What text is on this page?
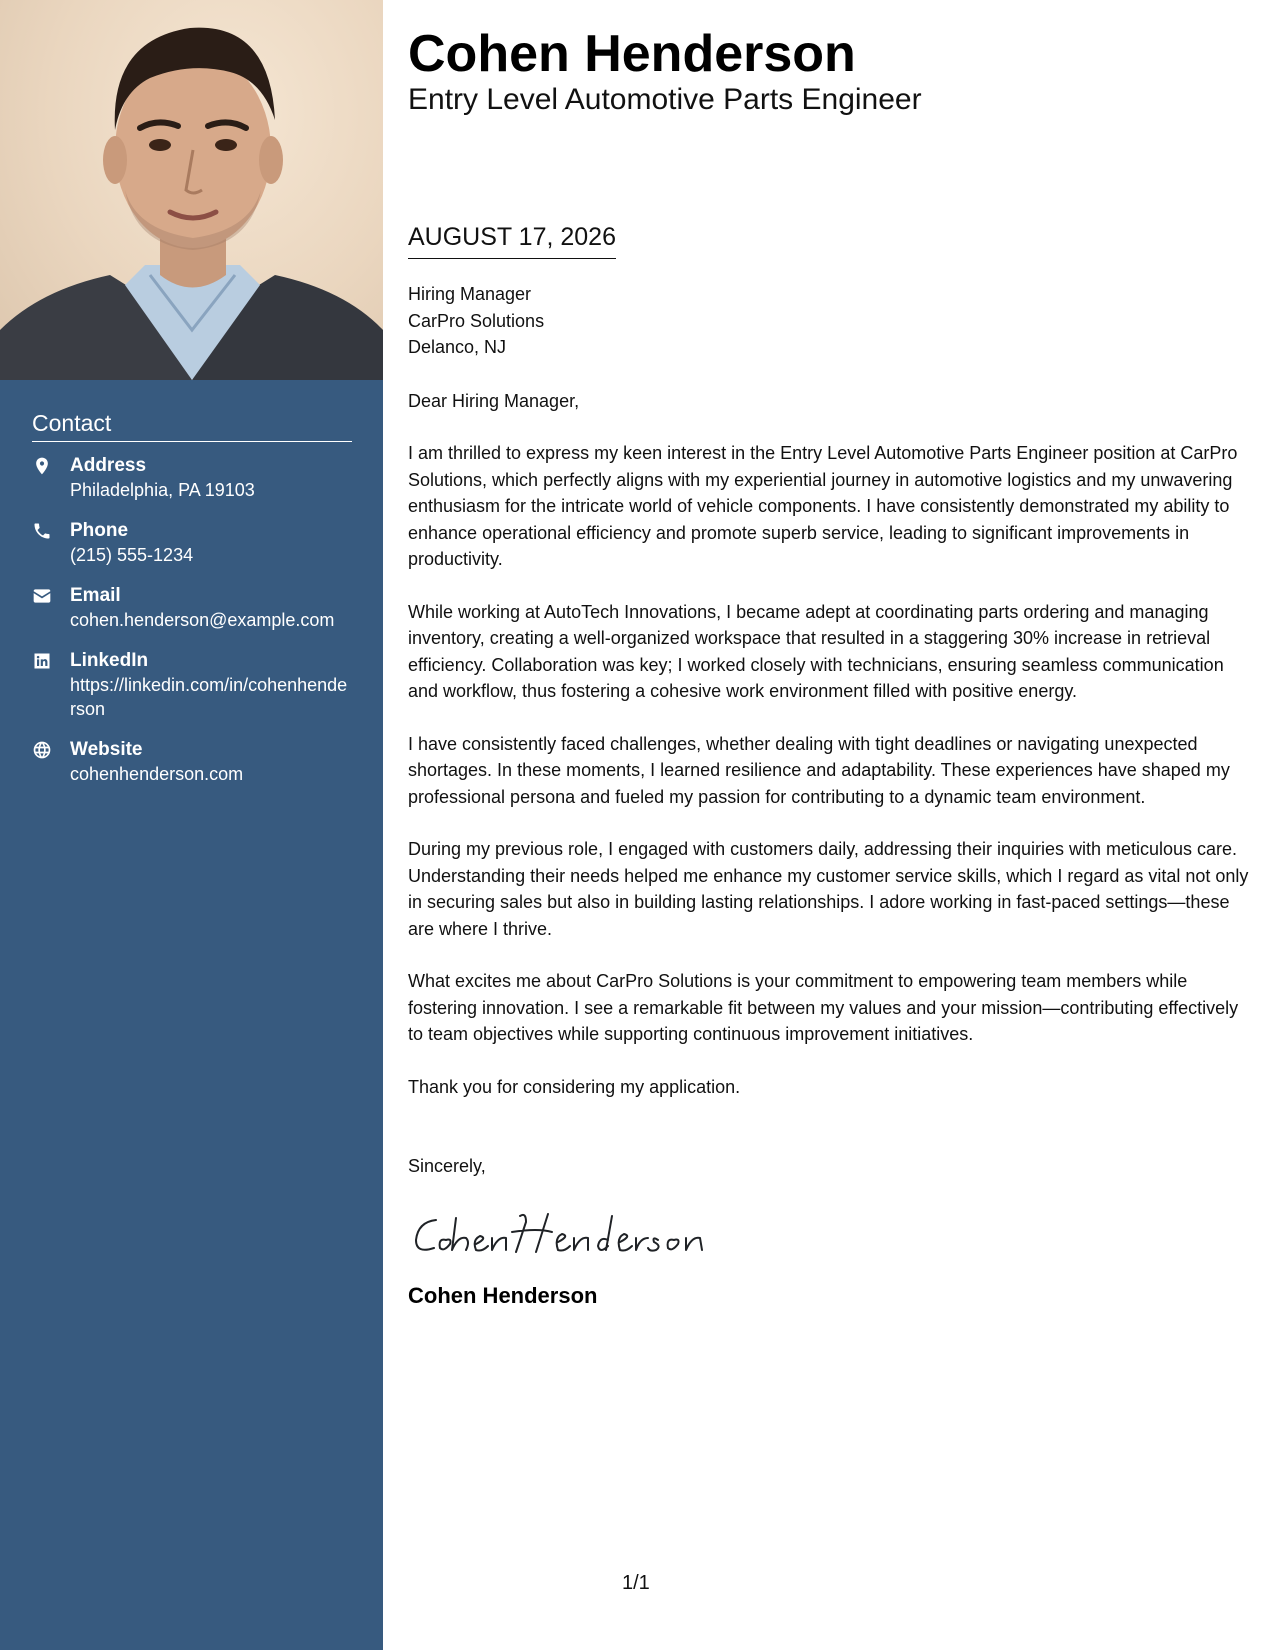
Contact
Address
Philadelphia, PA 19103
Phone
(215) 555-1234
Email
cohen.henderson@example.com
LinkedIn
https://linkedin.com/in/cohenhenderson
Website
cohenhenderson.com
Cohen Henderson
Entry Level Automotive Parts Engineer
AUGUST 17, 2026
Hiring Manager
CarPro Solutions
Delanco, NJ
Dear Hiring Manager,
I am thrilled to express my keen interest in the Entry Level Automotive Parts Engineer position at CarPro Solutions, which perfectly aligns with my experiential journey in automotive logistics and my unwavering enthusiasm for the intricate world of vehicle components. I have consistently demonstrated my ability to enhance operational efficiency and promote superb service, leading to significant improvements in productivity.
While working at AutoTech Innovations, I became adept at coordinating parts ordering and managing inventory, creating a well-organized workspace that resulted in a staggering 30% increase in retrieval efficiency. Collaboration was key; I worked closely with technicians, ensuring seamless communication and workflow, thus fostering a cohesive work environment filled with positive energy.
I have consistently faced challenges, whether dealing with tight deadlines or navigating unexpected shortages. In these moments, I learned resilience and adaptability. These experiences have shaped my professional persona and fueled my passion for contributing to a dynamic team environment.
During my previous role, I engaged with customers daily, addressing their inquiries with meticulous care. Understanding their needs helped me enhance my customer service skills, which I regard as vital not only in securing sales but also in building lasting relationships. I adore working in fast-paced settings—these are where I thrive.
What excites me about CarPro Solutions is your commitment to empowering team members while fostering innovation. I see a remarkable fit between my values and your mission—contributing effectively to team objectives while supporting continuous improvement initiatives.
Thank you for considering my application.
Sincerely,
Cohen Henderson
1/1
